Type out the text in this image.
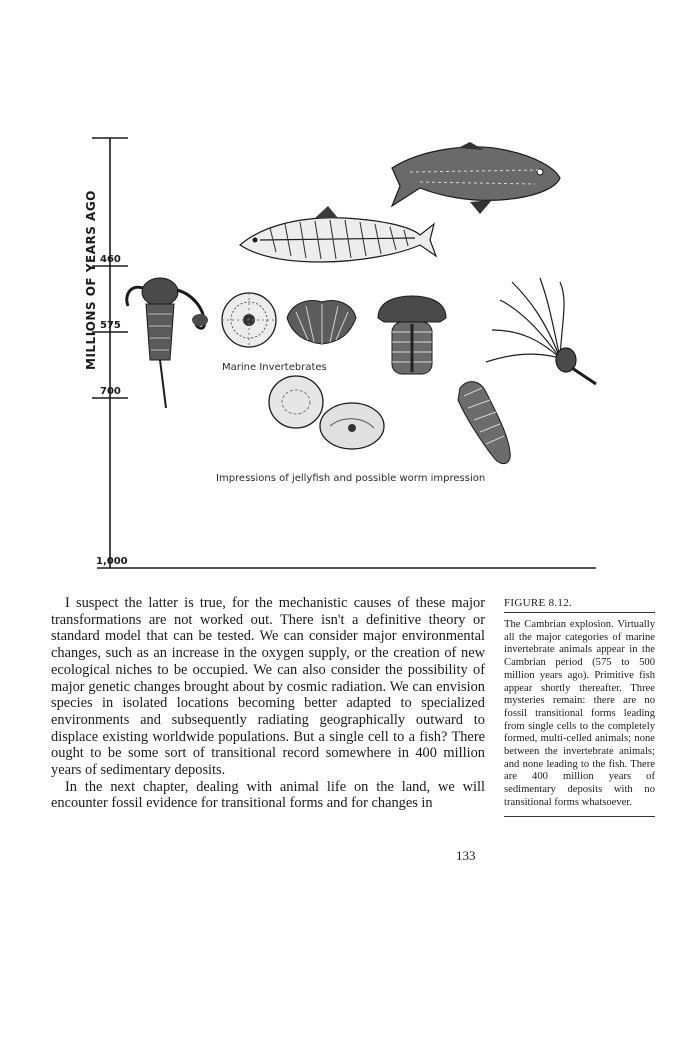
MILLIONS OF YEARS AGO 460
575
700
1,000
Marine Invertebrates
Impressions of jellyfish and possible worm impression

I suspect the latter is true, for the mechanistic causes of these major transformations are not worked out. There isn't a definitive theory or standard model that can be tested. We can consider major environmental changes, such as an increase in the oxygen supply, or the creation of new ecological niches to be occupied. We can also consider the possibility of major genetic changes brought about by cosmic radiation. We can envision species in isolated locations becoming better adapted to specialized environments and subsequently radiating geographically outward to displace existing worldwide populations. But a single cell to a fish? There ought to be some sort of transitional record somewhere in 400 million years of sedimentary deposits.

In the next chapter, dealing with animal life on the land, we will encounter fossil evidence for transitional forms and for changes in

FIGURE 8.12.
The Cambrian explosion. Virtually all the major categories of marine invertebrate animals appear in the Cambrian period (575 to 500 million years ago). Primitive fish appear shortly thereafter. Three mysteries remain: there are no fossil transitional forms leading from single cells to the completely formed, multi-celled animals; none between the invertebrate animals; and none leading to the fish. There are 400 million years of sedimentary deposits with no transitional forms whatsoever.
133
